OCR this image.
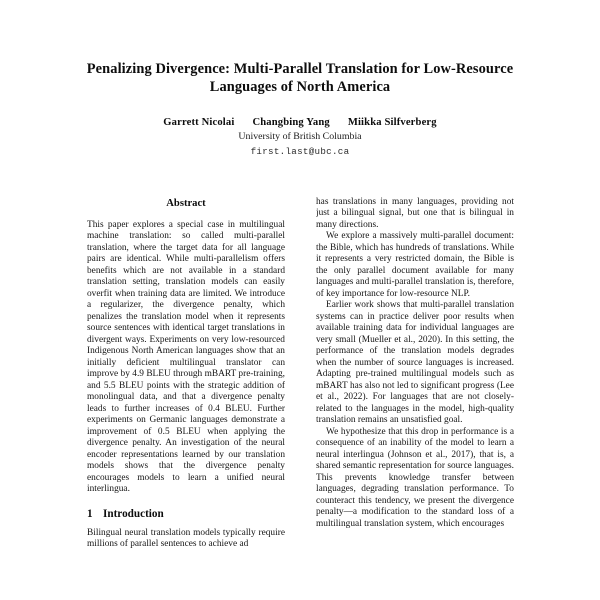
Penalizing Divergence: Multi-Parallel Translation for Low-Resource
Languages of North America
Garrett Nicolai Changbing Yang Miikka Silfverberg
University of British Columbia
first.last@ubc.ca
Abstract

This paper explores a special case in multilingual machine translation: so called multi-parallel translation, where the target data for all language pairs are identical. While multi-parallelism offers benefits which are not available in a standard translation setting, translation models can easily overfit when training data are limited. We introduce a regularizer, the divergence penalty, which penalizes the translation model when it represents source sentences with identical target translations in divergent ways. Experiments on very low-resourced Indigenous North American languages show that an initially deficient multilingual translator can improve by 4.9 BLEU through mBART pre-training, and 5.5 BLEU points with the strategic addition of monolingual data, and that a divergence penalty leads to further increases of 0.4 BLEU. Further experiments on Germanic languages demonstrate a improvement of 0.5 BLEU when applying the divergence penalty. An investigation of the neural encoder representations learned by our translation models shows that the divergence penalty encourages models to learn a unified neural interlingua.

1 Introduction

Bilingual neural translation models typically require millions of parallel sentences to achieve ad

has translations in many languages, providing not just a bilingual signal, but one that is bilingual in many directions.

We explore a massively multi-parallel document: the Bible, which has hundreds of translations. While it represents a very restricted domain, the Bible is the only parallel document available for many languages and multi-parallel translation is, therefore, of key importance for low-resource NLP.

Earlier work shows that multi-parallel translation systems can in practice deliver poor results when available training data for individual languages are very small (Mueller et al., 2020). In this setting, the performance of the translation models degrades when the number of source languages is increased. Adapting pre-trained multilingual models such as mBART has also not led to significant progress (Lee et al., 2022). For languages that are not closely-related to the languages in the model, high-quality translation remains an unsatisfied goal.

We hypothesize that this drop in performance is a consequence of an inability of the model to learn a neural interlingua (Johnson et al., 2017), that is, a shared semantic representation for source languages. This prevents knowledge transfer between languages, degrading translation performance. To counteract this tendency, we present the divergence penalty—a modification to the standard loss of a multilingual translation system, which encourages
